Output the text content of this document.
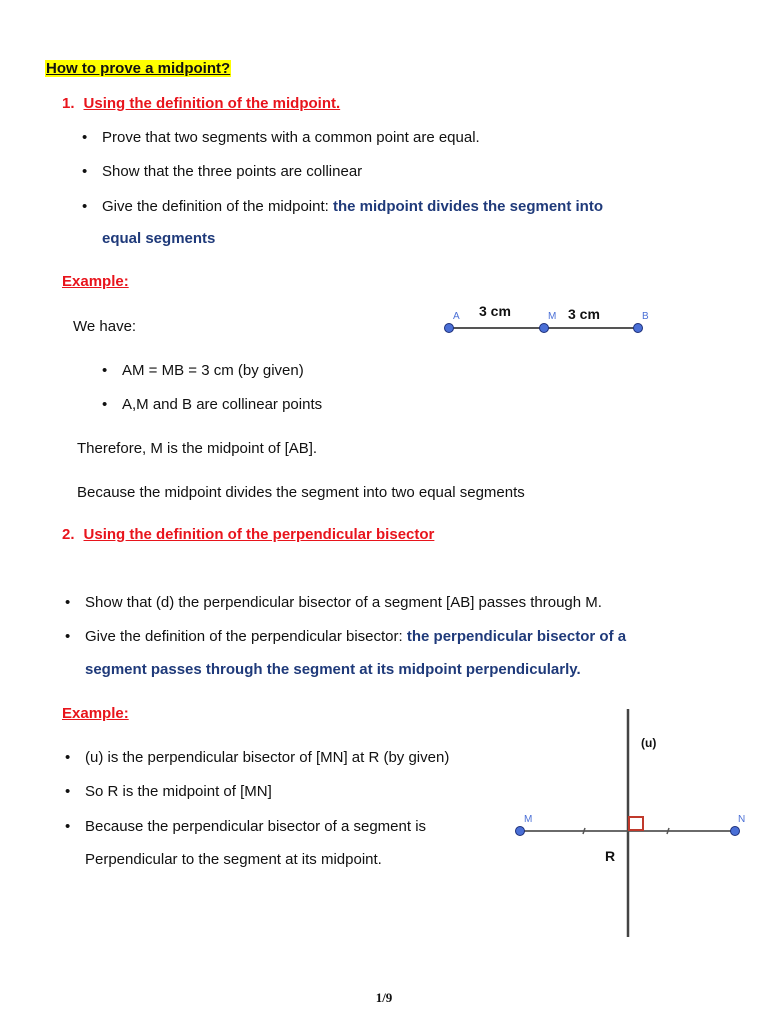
How to prove a midpoint?
1. Using the definition of the midpoint.
• Prove that two segments with a common point are equal.
• Show that the three points are collinear
• Give the definition of the midpoint: the midpoint divides the segment into
equal segments
Example:
We have:
A	M	B
3 cm	3 cm
• AM = MB = 3 cm (by given)
• A,M and B are collinear points
Therefore, M is the midpoint of [AB].
Because the midpoint divides the segment into two equal segments
2. Using the definition of the perpendicular bisector
• Show that (d) the perpendicular bisector of a segment [AB] passes through M.
• Give the definition of the perpendicular bisector: the perpendicular bisector of a
segment passes through the segment at its midpoint perpendicularly.
Example:
• (u) is the perpendicular bisector of [MN] at R (by given)
• So R is the midpoint of [MN]
• Because the perpendicular bisector of a segment is
Perpendicular to the segment at its midpoint.
M	N
(u)
R
1/9
